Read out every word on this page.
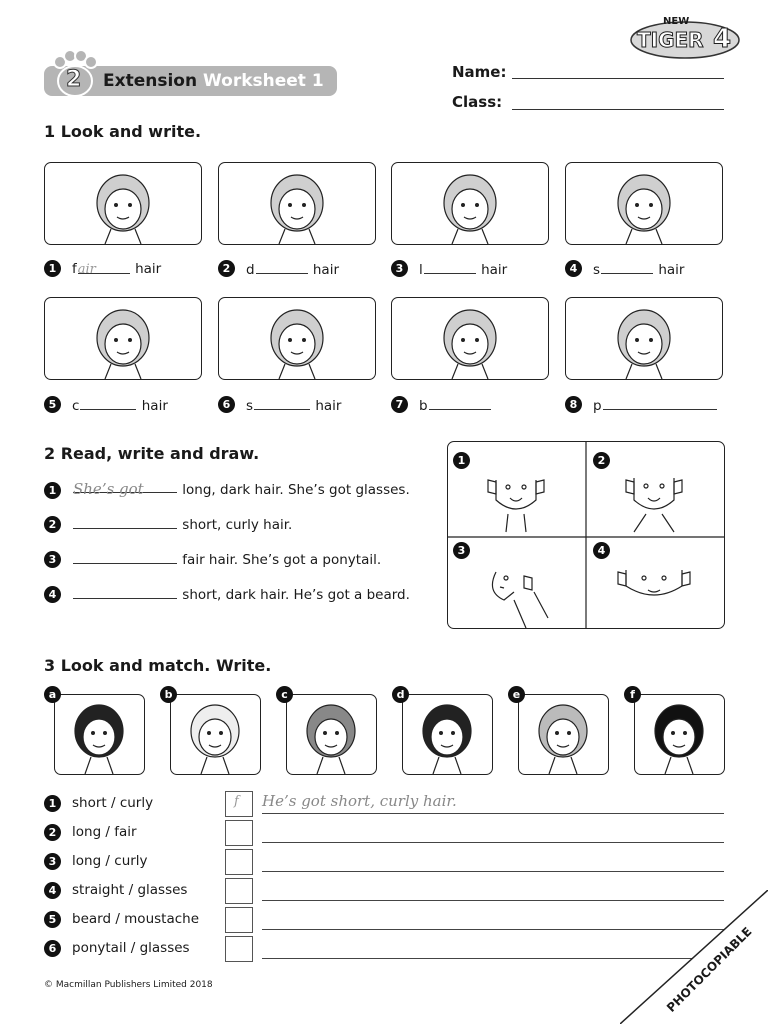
NEW
TIGER 4
2 Extension Worksheet 1	Name:
Class:
1 Look and write.
1	fair	hair	2	d	hair	3	l	hair	4	s	hair
5	c	hair	6	s	hair	7	b	8	p
2 Read, write and draw.
1	She’s got	long, dark hair. She’s got glasses.
2	short, curly hair.
3	fair hair. She’s got a ponytail.
4	short, dark hair. He’s got a beard.
1	2
3	4
3 Look and match. Write.
a	b	c	d	e	f
1	short / curly	f He’s got short, curly hair.
2	long / fair
3	long / curly
4	straight / glasses
5	beard / moustache
6	ponytail / glasses
© Macmillan Publishers Limited 2018	PHOTOCOPIABLE
